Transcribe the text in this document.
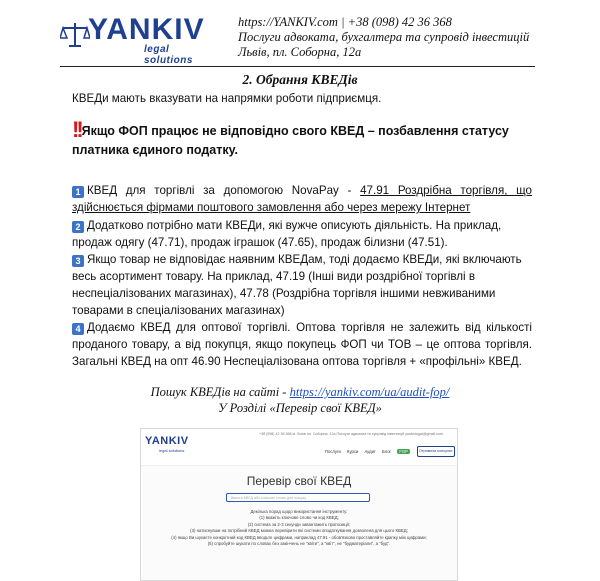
YANKIV
legal solutions
https://YANKIV.com | +38 (098) 42 36 368
Послуги адвоката, бухгалтера та супровід інвестицій
Львів, пл. Соборна, 12а
2. Обрання КВЕДів
КВЕДи мають вказувати на напрямки роботи підприємця.
!!Якщо ФОП працює не відповідно свого КВЕД – позбавлення статусу платника єдиного податку.
1 КВЕД для торгівлі за допомогою NovaPay - 47.91 Роздрібна торгівля, що здійснюється фірмами поштового замовлення або через мережу Інтернет
2 Додатково потрібно мати КВЕДи, які вужче описують діяльність. На приклад, продаж одягу (47.71), продаж іграшок (47.65), продаж білизни (47.51).
3 Якщо товар не відповідає наявним КВЕДам, тоді додаємо КВЕДи, які включають весь асортимент товару. На приклад, 47.19 (Інші види роздрібної торгівлі в неспеціалізованих магазинах), 47.78 (Роздрібна торгівля іншими невживаними товарами в спеціалізованих магазинах)
4 Додаємо КВЕД для оптової торгівлі. Оптова торгівля не залежить від кількості проданого товару, а від покупця, якщо покупець ФОП чи ТОВ – це оптова торгівля. Загальні КВЕД на опт 46.90 Неспеціалізована оптова торгівля + «профільні» КВЕД.
Пошук КВЕДів на сайті - https://yankiv.com/ua/audit-fop/
У Розділі «Перевір свої КВЕД»
YANKIV
legal solutions
+38 (098) 42 36 368 м. Львів пл. Соборна, 12а Послуги адвоката та супровід інвестицій yankivlegal@gmail.com
Послуги Курси Аудит Блог FOP	Отримати консульт.
Перевір свої КВЕД
Ввести КВЕД або ключове слово для пошуку
Декілька порад щодо використання інструменту:
(1) вкажіть ключове слово чи код КВЕД;
(2) система за 2-3 секунди завантажить пропозиції;
(3) натиснувши на потрібний КВЕД можна перевірити які системи оподаткування дозволена для цього КВЕД;
(4) якщо Ви шукаєте конкретний код КВЕД вводьте цифрами, наприклад 47.91 - обов'язково проставляйте крапку між цифрами;
(5) спробуйте шукати по словах без закінчень не "квіти", а "квіт", не "будматеріали", а "буд".
